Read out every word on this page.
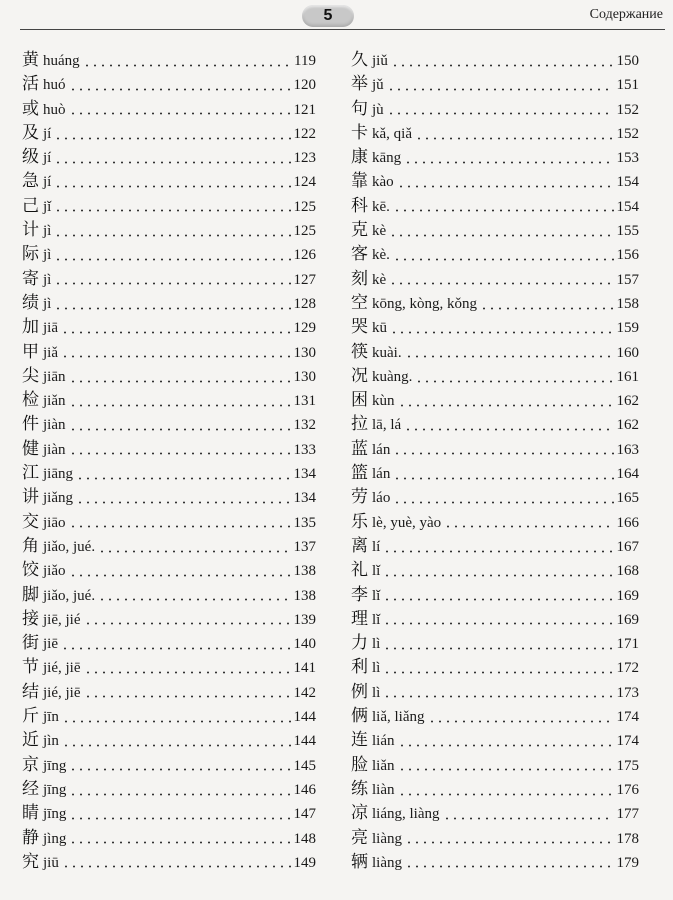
5	Содержание
黄 huáng	119
活 huó	120
或 huò	121
及 jí	122
级 jí	123
急 jí	124
己 jǐ	125
计 jì	125
际 jì	126
寄 jì	127
绩 jì	128
加 jiā	129
甲 jiǎ	130
尖 jiān	130
检 jiǎn	131
件 jiàn	132
健 jiàn	133
江 jiāng	134
讲 jiǎng	134
交 jiāo	135
角 jiǎo, jué.	137
饺 jiǎo	138
脚 jiǎo, jué.	138
接 jiē, jié	139
街 jiē	140
节 jié, jiē	141
结 jié, jiē	142
斤 jīn	144
近 jìn	144
京 jīng	145
经 jīng	146
睛 jīng	147
静 jìng	148
究 jiū	149
久 jiǔ	150
举 jǔ	151
句 jù	152
卡 kǎ, qiǎ	152
康 kāng	153
靠 kào	154
科 kē.	154
克 kè	155
客 kè.	156
刻 kè	157
空 kōng, kòng, kǒng	158
哭 kū	159
筷 kuài.	160
况 kuàng.	161
困 kùn	162
拉 lā, lá	162
蓝 lán	163
篮 lán	164
劳 láo	165
乐 lè, yuè, yào	166
离 lí	167
礼 lǐ	168
李 lǐ	169
理 lǐ	169
力 lì	171
利 lì	172
例 lì	173
俩 liǎ, liǎng	174
连 lián	174
脸 liǎn	175
练 liàn	176
凉 liáng, liàng	177
亮 liàng	178
辆 liàng	179
